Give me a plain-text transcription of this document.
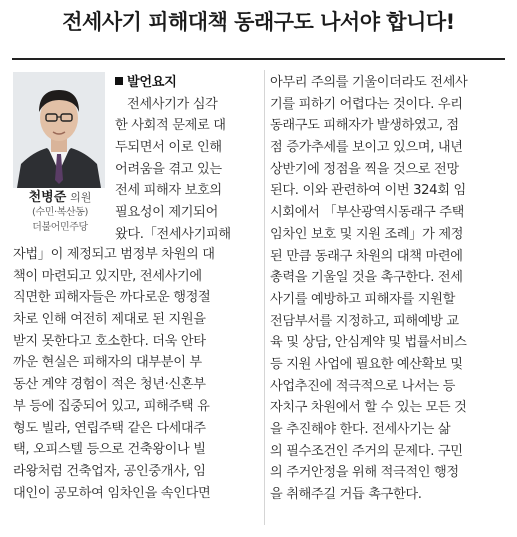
전세사기 피해대책 동래구도 나서야 합니다!
천병준 의원
(수민·복산동)
더불어민주당
발언요지
전세사기가 심각
한 사회적 문제로 대
두되면서 이로 인해
어려움을 겪고 있는
전세 피해자 보호의
필요성이 제기되어
왔다.「전세사기피해
자법」이 제정되고 범정부 차원의 대
책이 마련되고 있지만, 전세사기에
직면한 피해자들은 까다로운 행정절
차로 인해 여전히 제대로 된 지원을
받지 못한다고 호소한다. 더욱 안타
까운 현실은 피해자의 대부분이 부
동산 계약 경험이 적은 청년·신혼부
부 등에 집중되어 있고, 피해주택 유
형도 빌라, 연립주택 같은 다세대주
택, 오피스텔 등으로 건축왕이나 빌
라왕처럼 건축업자, 공인중개사, 임
대인이 공모하여 임차인을 속인다면
아무리 주의를 기울이더라도 전세사
기를 피하기 어렵다는 것이다. 우리
동래구도 피해자가 발생하였고, 점
점 증가추세를 보이고 있으며, 내년
상반기에 정점을 찍을 것으로 전망
된다. 이와 관련하여 이번 324회 임
시회에서 「부산광역시동래구 주택
임차인 보호 및 지원 조례」가 제정
된 만큼 동래구 차원의 대책 마련에
총력을 기울일 것을 촉구한다. 전세
사기를 예방하고 피해자를 지원할
전담부서를 지정하고, 피해예방 교
육 및 상담, 안심계약 및 법률서비스
등 지원 사업에 필요한 예산확보 및
사업추진에 적극적으로 나서는 등
자치구 차원에서 할 수 있는 모든 것
을 추진해야 한다. 전세사기는 삶
의 필수조건인 주거의 문제다. 구민
의 주거안정을 위해 적극적인 행정
을 취해주길 거듭 촉구한다.
